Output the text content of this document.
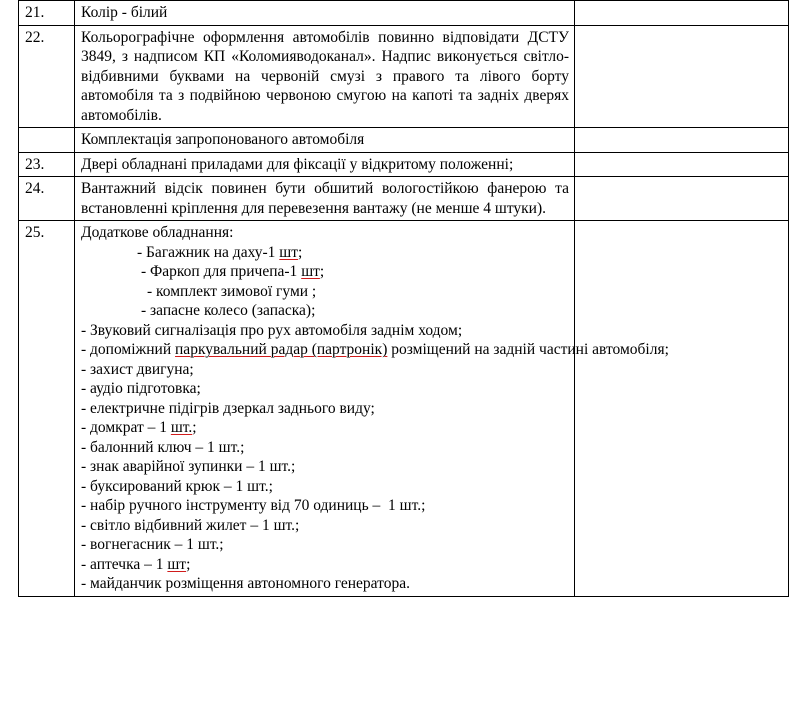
21.	Колір - білий	
22.	Кольорографічне оформлення автомобілів повинно відповідати ДСТУ 3849, з надписом КП «Коломияводоканал». Надпис виконується світло-відбивними буквами на червоній смузі з правого та лівого борту автомобіля та з подвійною червоною смугою на капоті та задніх дверях автомобілів.	
	Комплектація запропонованого автомобіля	
23.	Двері обладнані приладами для фіксації у відкритому положенні;	
24.	Вантажний відсік повинен бути обшитий вологостійкою фанерою та встановленні кріплення для перевезення вантажу (не менше 4 штуки).	
25.	Додаткове обладнання:
- Багажник на даху-1 шт;
- Фаркоп для причепа-1 шт;
- комплект зимової гуми ;
- запасне колесо (запаска);
- Звуковий сигналізація про рух автомобіля заднім ходом;
- допоміжний паркувальний радар (партронік) розміщений на задній частині автомобіля;
- захист двигуна;
- аудіо підготовка;
- електричне підігрів дзеркал заднього виду;
- домкрат – 1 шт.;
- балонний ключ – 1 шт.;
- знак аварійної зупинки – 1 шт.;
- буксирований крюк – 1 шт.;
- набір ручного інструменту від 70 одиниць –  1 шт.;
- світло відбивний жилет – 1 шт.;
- вогнегасник – 1 шт.;
- аптечка – 1 шт;
- майданчик розміщення автономного генератора.
